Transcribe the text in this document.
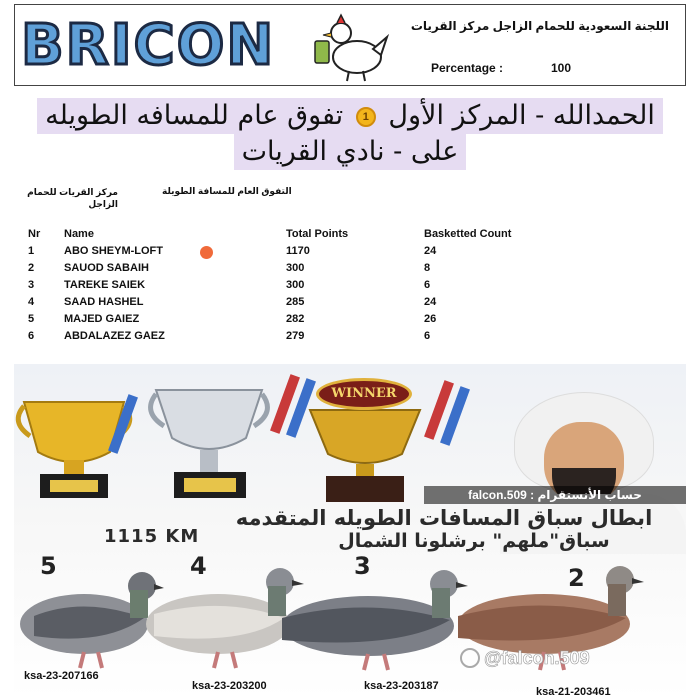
BRICON	اللجنة السعودية للحمام الزاجل مركز القريات
Percentage :	100
الحمدالله - المركز الأول 1 تفوق عام للمسافه الطويله
على - نادي القريات
مركز القريات للحمام الزاجل
التفوق العام للمسافة الطويلة
Nr Name	Total Points	Basketted Count
1	ABO SHEYM-LOFT	1170	24
2	SAUOD SABAIH	300	8
3	TAREKE SAIEK	300	6
4	SAAD HASHEL	285	24
5	MAJED GAIEZ	282	26
6	ABDALAZEZ GAEZ	279	6
WINNER
حساب الأنستقرام : falcon.509
ابطال سباق المسافات الطويله المتقدمه
سباق"ملهم" برشلونا الشمال
1115 KM
5	4	3	2
ksa-23-207166
ksa-23-203200	ksa-23-203187	ksa-21-203461
@falcon.509
